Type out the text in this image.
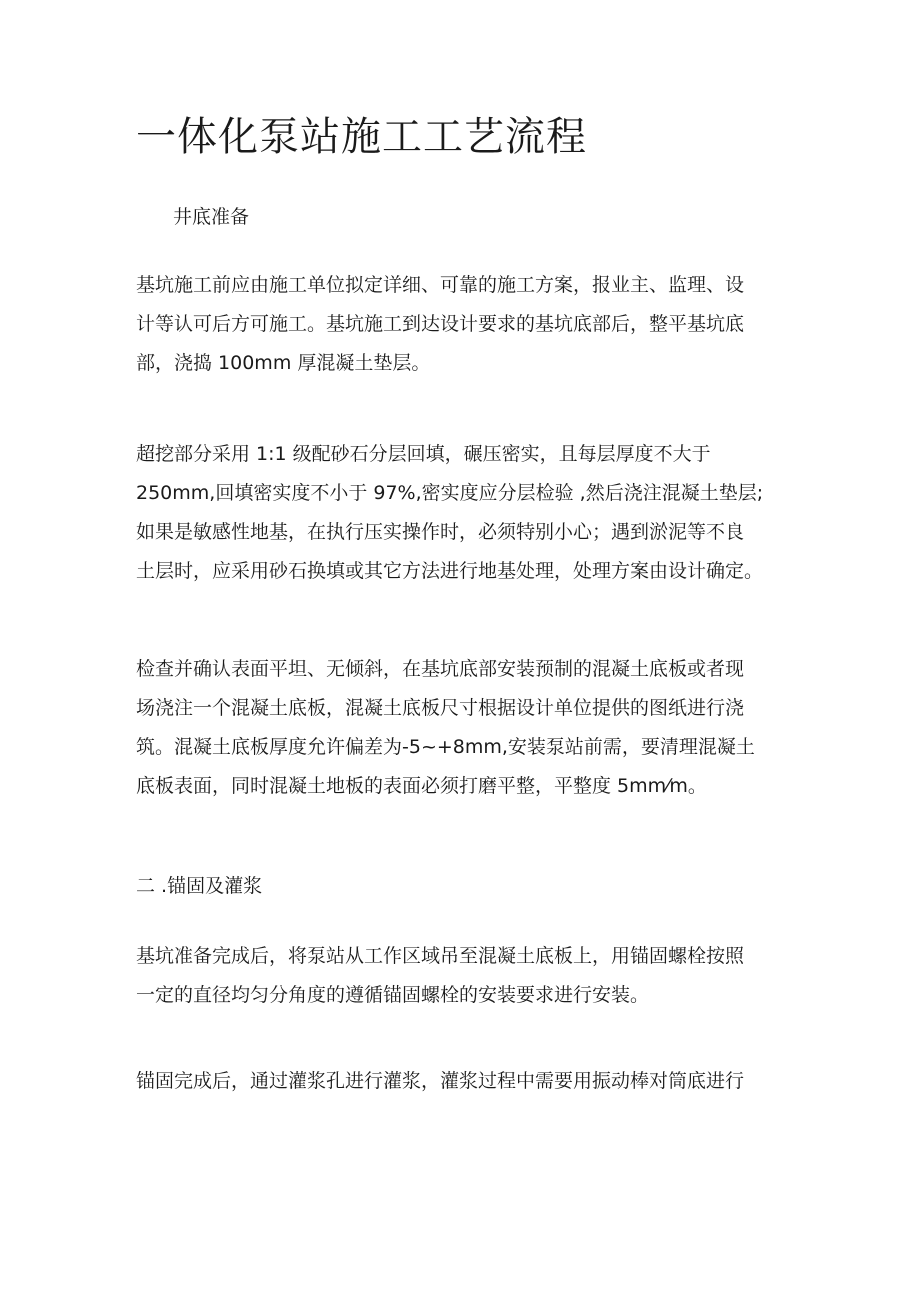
一体化泵站施工工艺流程

井底准备

基坑施工前应由施工单位拟定详细、可靠的施工方案，报业主、监理、设
计等认可后方可施工。基坑施工到达设计要求的基坑底部后，整平基坑底
部，浇捣 100mm 厚混凝土垫层。
超挖部分采用 1:1 级配砂石分层回填，碾压密实，且每层厚度不大于
250mm,回填密实度不小于 97%,密实度应分层检验 ,然后浇注混凝土垫层;
如果是敏感性地基，在执行压实操作时，必须特别小心；遇到淤泥等不良
土层时，应采用砂石换填或其它方法进行地基处理，处理方案由设计确定。
检查并确认表面平坦、无倾斜，在基坑底部安装预制的混凝土底板或者现
场浇注一个混凝土底板，混凝土底板尺寸根据设计单位提供的图纸进行浇
筑。混凝土底板厚度允许偏差为-5~+8mm,安装泵站前需，要清理混凝土
底板表面，同时混凝土地板的表面必须打磨平整，平整度 5mm⁄m。

二 .锚固及灌浆

基坑准备完成后，将泵站从工作区域吊至混凝土底板上，用锚固螺栓按照
一定的直径均匀分角度的遵循锚固螺栓的安装要求进行安装。
锚固完成后，通过灌浆孔进行灌浆，灌浆过程中需要用振动棒对筒底进行
